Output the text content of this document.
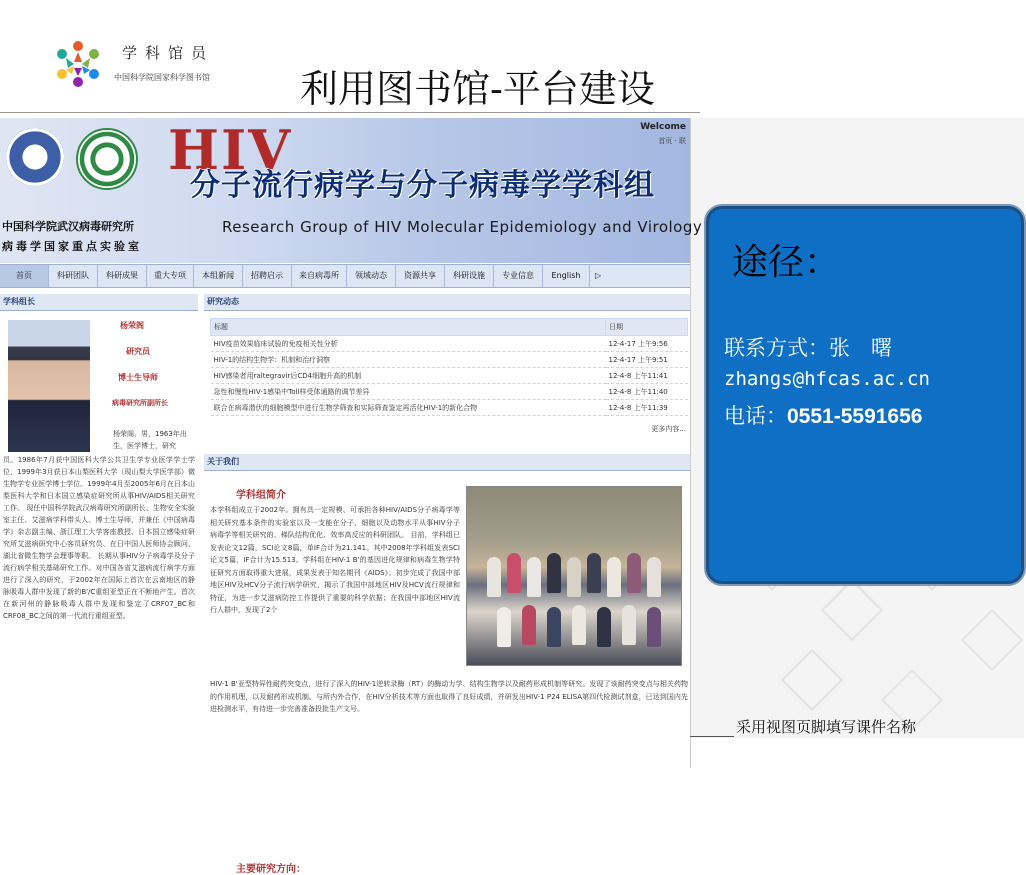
学科馆员
中国科学院国家科学图书馆 利用图书馆-平台建设
HIV
分子流行病学与分子病毒学学科组
Research Group of HIV Molecular Epidemiology and Virology
中国科学院武汉病毒研究所
病毒学国家重点实验室
Welcome
首页 · 联
首页	科研团队	科研成果	重大专项	本组新闻	招聘启示	来自病毒所	领域动态	资源共享	科研设施	专业信息	English	▷
学科组长
杨荣阁
研究员
博士生导师
病毒研究所副所长
杨荣阁，男，1963年出生，医学博士，研究
员。1986年7月获中国医科大学公共卫生学专业医学学士学位，1999年3月获日本山梨医科大学（现山梨大学医学部）微生物学专业医学博士学位。1999年4月至2005年6月在日本山梨医科大学和日本国立感染症研究所从事HIV/AIDS相关研究工作。 现任中国科学院武汉病毒研究所副所长、生物安全实验室主任、艾滋病学科带头人、博士生导师，并兼任《中国病毒学》杂志副主编、浙江理工大学客座教授、日本国立感染症研究所艾滋病研究中心客员研究员、在日中国人医师协会顾问、湖北省微生物学会理事等职。 长期从事HIV分子病毒学及分子流行病学相关基础研究工作。对中国各省艾滋病流行病学方面进行了深入的研究，于2002年在国际上首次在云南地区的静脉吸毒人群中发现了新的B'/C重组亚型正在不断地产生。首次在新河州的静脉吸毒人群中发现和鉴定了CRF07_BC和CRF08_BC之间的第一代流行重组亚型。
研究动态
标题	日期
HIV疫苗效果临床试验的免疫相关性分析	12-4-17 上午9:56
HIV-1的结构生物学：机制和治疗洞察	12-4-17 上午9:51
HIV感染者用raltegravir后CD4细胞升高的机制	12-4-8 上午11:41
急性和慢性HIV-1感染中Toll样受体通路的调节差异	12-4-8 上午11:40
联合在病毒潜伏的细胞模型中进行生物学筛查和实际筛查鉴定再活化HIV-1的新化合物	12-4-8 上午11:39
更多内容...
关于我们
学科组简介
本学科组成立于2002年。拥有具一定规模、可承担各种HIV/AIDS分子病毒学等相关研究基本条件的实验室以及一支能在分子、细胞以及动物水平从事HIV分子病毒学等相关研究的、梯队结构优化、效率高反应的科研团队。 目前，学科组已发表论文12篇，SCI论文8篇，单IF合计为21.141。其中2008年学科组发表SCI论文5篇，IF合计为15.513。学科组在HIV-1 B'的基因进化规律和病毒生物学特征研究方面取得重大进展，成果发表于知名期刊《AIDS》；初步完成了我国中部地区HIV及HCV分子流行病学研究，揭示了我国中部地区HIV及HCV流行规律和特征，为进一步艾滋病防控工作提供了重要的科学依据；在我国中部地区HIV流行人群中，发现了2个
HIV-1 B'亚型特异性耐药突变点，进行了深入的HIV-1逆转录酶（RT）的酶动力学、结构生物学以及耐药形成机制等研究。发现了该耐药突变点与相关药物的作用机理，以及耐药形成机制。与所内外合作，在HIV分析技术等方面也取得了良好成绩，并研发出HIV-1 P24 ELISA第四代检测试剂盒，已达到国内先进检测水平，有待进一步完善准备投批生产文号。
主要研究方向：
途径：
联系方式：张　曙
zhangs@hfcas.ac.cn
电话：0551-5591656
采用视图页脚填写课件名称
